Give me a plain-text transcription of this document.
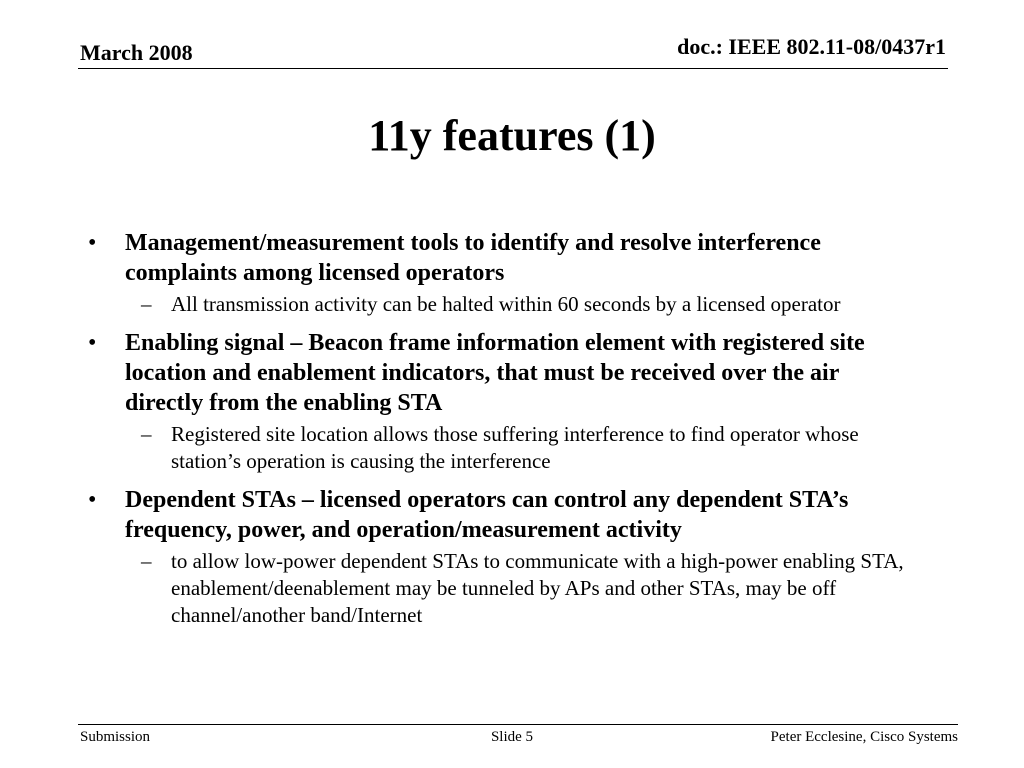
March 2008	doc.: IEEE 802.11-08/0437r1
11y features (1)
• Management/measurement tools to identify and resolve interference complaints among licensed operators
– All transmission activity can be halted within 60 seconds by a licensed operator
• Enabling signal – Beacon frame information element with registered site location and enablement indicators, that must be received over the air directly from the enabling STA
– Registered site location allows those suffering interference to find operator whose station’s operation is causing the interference
• Dependent STAs – licensed operators can control any dependent STA’s frequency, power, and operation/measurement activity
– to allow low-power dependent STAs to communicate with a high-power enabling STA, enablement/deenablement may be tunneled by APs and other STAs, may be off channel/another band/Internet
Submission	Slide 5	Peter Ecclesine, Cisco Systems
